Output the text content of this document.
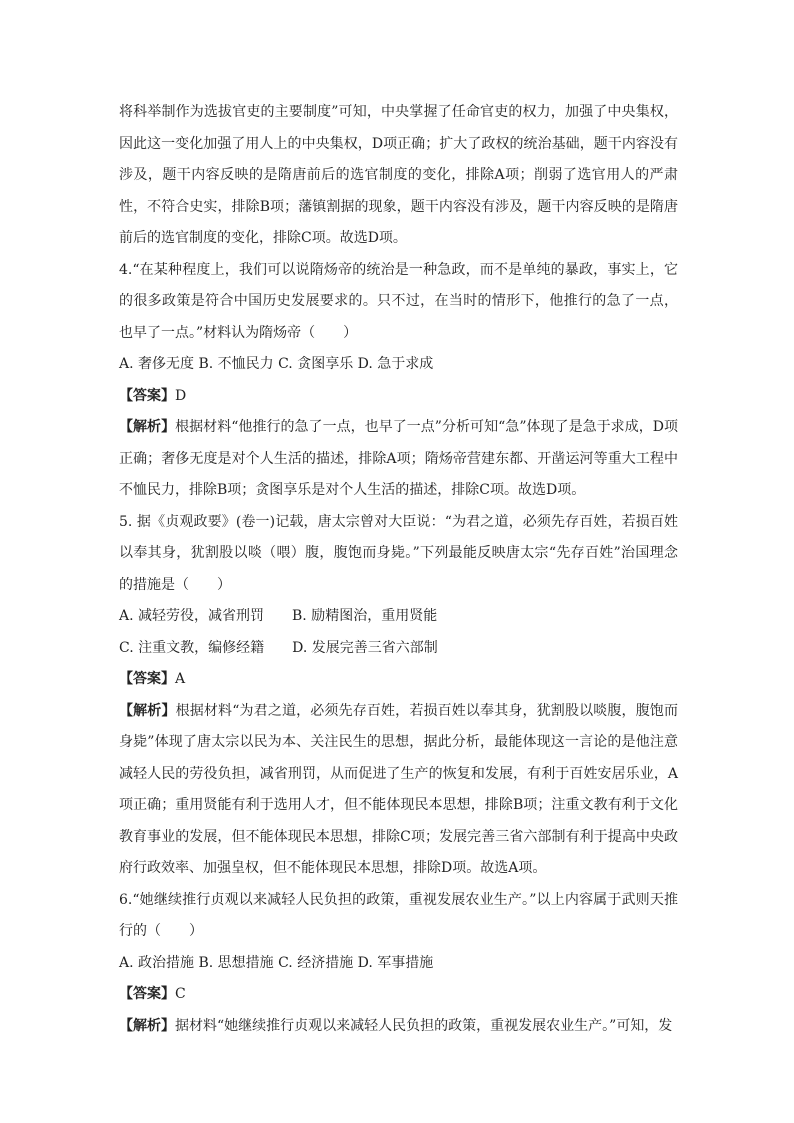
将科举制作为选拔官吏的主要制度”可知，中央掌握了任命官吏的权力，加强了中央集权，因此这一变化加强了用人上的中央集权，D项正确；扩大了政权的统治基础，题干内容没有涉及，题干内容反映的是隋唐前后的选官制度的变化，排除A项；削弱了选官用人的严肃性，不符合史实，排除B项；藩镇割据的现象，题干内容没有涉及，题干内容反映的是隋唐前后的选官制度的变化，排除C项。故选D项。

4.“在某种程度上，我们可以说隋炀帝的统治是一种急政，而不是单纯的暴政，事实上，它的很多政策是符合中国历史发展要求的。只不过，在当时的情形下，他推行的急了一点，也早了一点。”材料认为隋炀帝（　　）

A. 奢侈无度 B. 不恤民力 C. 贪图享乐 D. 急于求成

【答案】D

【解析】根据材料“他推行的急了一点，也早了一点”分析可知“急”体现了是急于求成，D项正确；奢侈无度是对个人生活的描述，排除A项；隋炀帝营建东都、开凿运河等重大工程中不恤民力，排除B项；贪图享乐是对个人生活的描述，排除C项。故选D项。

5. 据《贞观政要》(卷一)记载，唐太宗曾对大臣说：“为君之道，必须先存百姓，若损百姓以奉其身，犹割股以啖（喂）腹，腹饱而身毙。”下列最能反映唐太宗“先存百姓”治国理念的措施是（　　）

A. 减轻劳役，减省刑罚　　B. 励精图治，重用贤能

C. 注重文教，编修经籍　　D. 发展完善三省六部制

【答案】A

【解析】根据材料“为君之道，必须先存百姓，若损百姓以奉其身，犹割股以啖腹，腹饱而身毙”体现了唐太宗以民为本、关注民生的思想，据此分析，最能体现这一言论的是他注意减轻人民的劳役负担，减省刑罚，从而促进了生产的恢复和发展，有利于百姓安居乐业，A项正确；重用贤能有利于选用人才，但不能体现民本思想，排除B项；注重文教有利于文化教育事业的发展，但不能体现民本思想，排除C项；发展完善三省六部制有利于提高中央政府行政效率、加强皇权，但不能体现民本思想，排除D项。故选A项。

6.“她继续推行贞观以来减轻人民负担的政策，重视发展农业生产。”以上内容属于武则天推行的（　　）

A. 政治措施 B. 思想措施 C. 经济措施 D. 军事措施

【答案】C

【解析】据材料“她继续推行贞观以来减轻人民负担的政策，重视发展农业生产。”可知，发
